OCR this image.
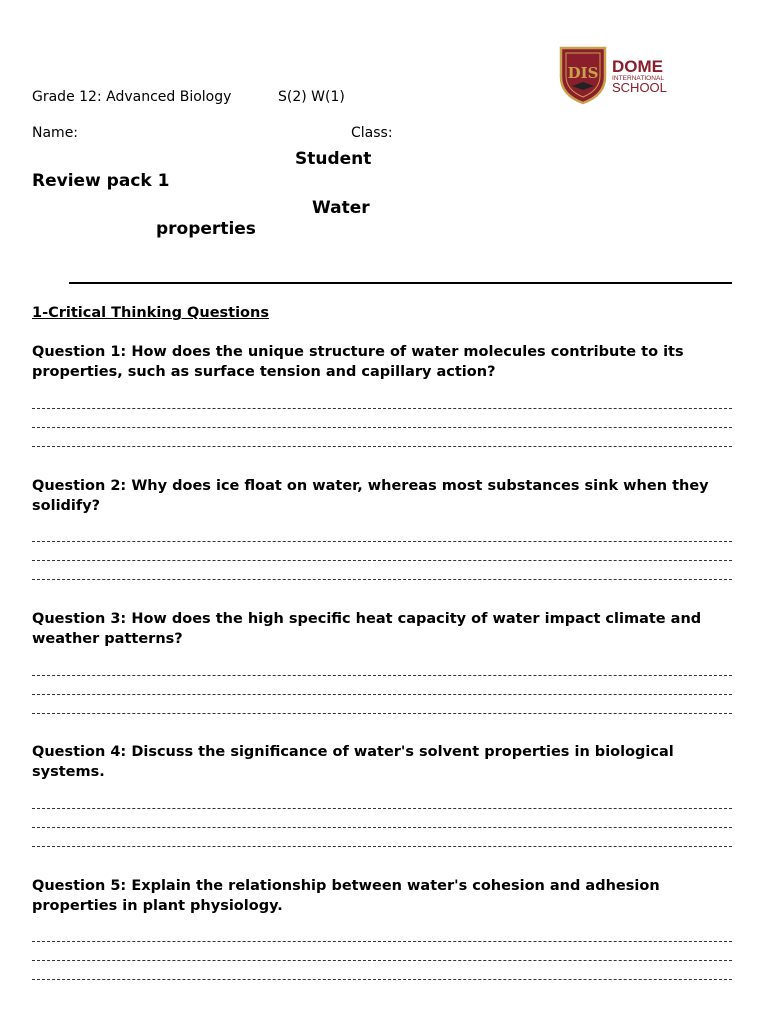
Grade 12: Advanced Biology	S(2) W(1)
Name:	Class:
DIS DOME
INTERNATIONAL
SCHOOL
Student
Review pack 1
Water
properties
1-Critical Thinking Questions
Question 1: How does the unique structure of water molecules contribute to its properties, such as surface tension and capillary action?
Question 2: Why does ice float on water, whereas most substances sink when they solidify?
Question 3: How does the high specific heat capacity of water impact climate and weather patterns?
Question 4: Discuss the significance of water's solvent properties in biological systems.
Question 5: Explain the relationship between water's cohesion and adhesion properties in plant physiology.
